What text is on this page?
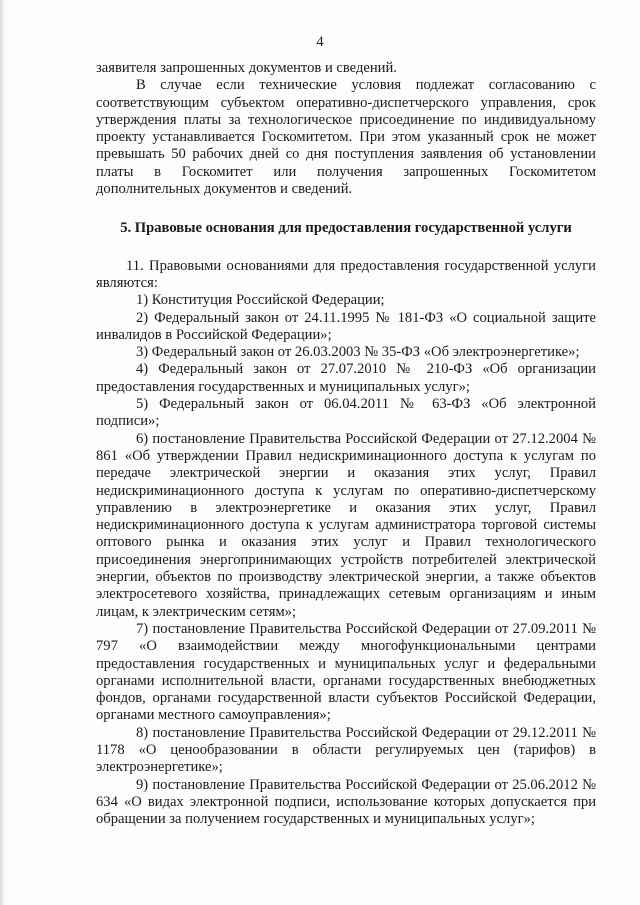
4

заявителя запрошенных документов и сведений.

В случае если технические условия подлежат согласованию с соответствующим субъектом оперативно-диспетчерского управления, срок утверждения платы за технологическое присоединение по индивидуальному проекту устанавливается Госкомитетом. При этом указанный срок не может превышать 50 рабочих дней со дня поступления заявления об установлении платы в Госкомитет или получения запрошенных Госкомитетом дополнительных документов и сведений.

5. Правовые основания для предоставления государственной услуги

11. Правовыми основаниями для предоставления государственной услуги являются:

1) Конституция Российской Федерации;

2) Федеральный закон от 24.11.1995 № 181-ФЗ «О социальной защите инвалидов в Российской Федерации»;

3) Федеральный закон от 26.03.2003 № 35-ФЗ «Об электроэнергетике»;

4) Федеральный закон от 27.07.2010 № 210-ФЗ «Об организации предоставления государственных и муниципальных услуг»;

5) Федеральный закон от 06.04.2011 № 63-ФЗ «Об электронной подписи»;

6) постановление Правительства Российской Федерации от 27.12.2004 № 861 «Об утверждении Правил недискриминационного доступа к услугам по передаче электрической энергии и оказания этих услуг, Правил недискриминационного доступа к услугам по оперативно-диспетчерскому управлению в электроэнергетике и оказания этих услуг, Правил недискриминационного доступа к услугам администратора торговой системы оптового рынка и оказания этих услуг и Правил технологического присоединения энергопринимающих устройств потребителей электрической энергии, объектов по производству электрической энергии, а также объектов электросетевого хозяйства, принадлежащих сетевым организациям и иным лицам, к электрическим сетям»;

7) постановление Правительства Российской Федерации от 27.09.2011 № 797 «О взаимодействии между многофункциональными центрами предоставления государственных и муниципальных услуг и федеральными органами исполнительной власти, органами государственных внебюджетных фондов, органами государственной власти субъектов Российской Федерации, органами местного самоуправления»;

8) постановление Правительства Российской Федерации от 29.12.2011 № 1178 «О ценообразовании в области регулируемых цен (тарифов) в электроэнергетике»;

9) постановление Правительства Российской Федерации от 25.06.2012 № 634 «О видах электронной подписи, использование которых допускается при обращении за получением государственных и муниципальных услуг»;
